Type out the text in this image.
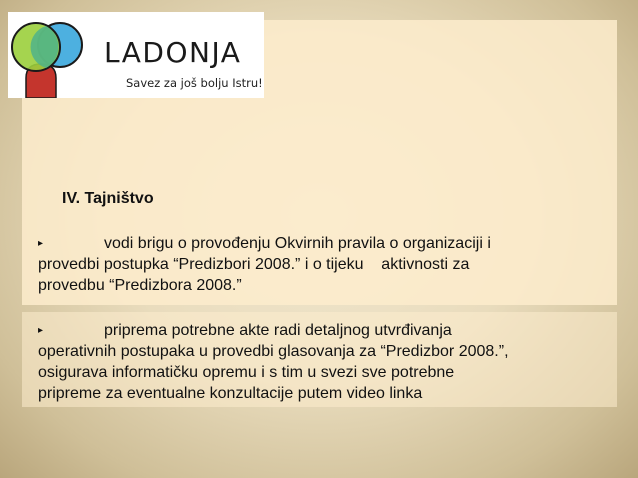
LADONJA
Savez za još bolju Istru!
IV. Tajništvo
▸	vodi brigu o provođenju Okvirnih pravila o organizaciji i
provedbi postupka “Predizbori 2008.” i o tijeku    aktivnosti za
provedbu “Predizbora 2008.”
▸	priprema potrebne akte radi detaljnog utvrđivanja
operativnih postupaka u provedbi glasovanja za “Predizbor 2008.”,
osigurava informatičku opremu i s tim u svezi sve potrebne
pripreme za eventualne konzultacije putem video linka
